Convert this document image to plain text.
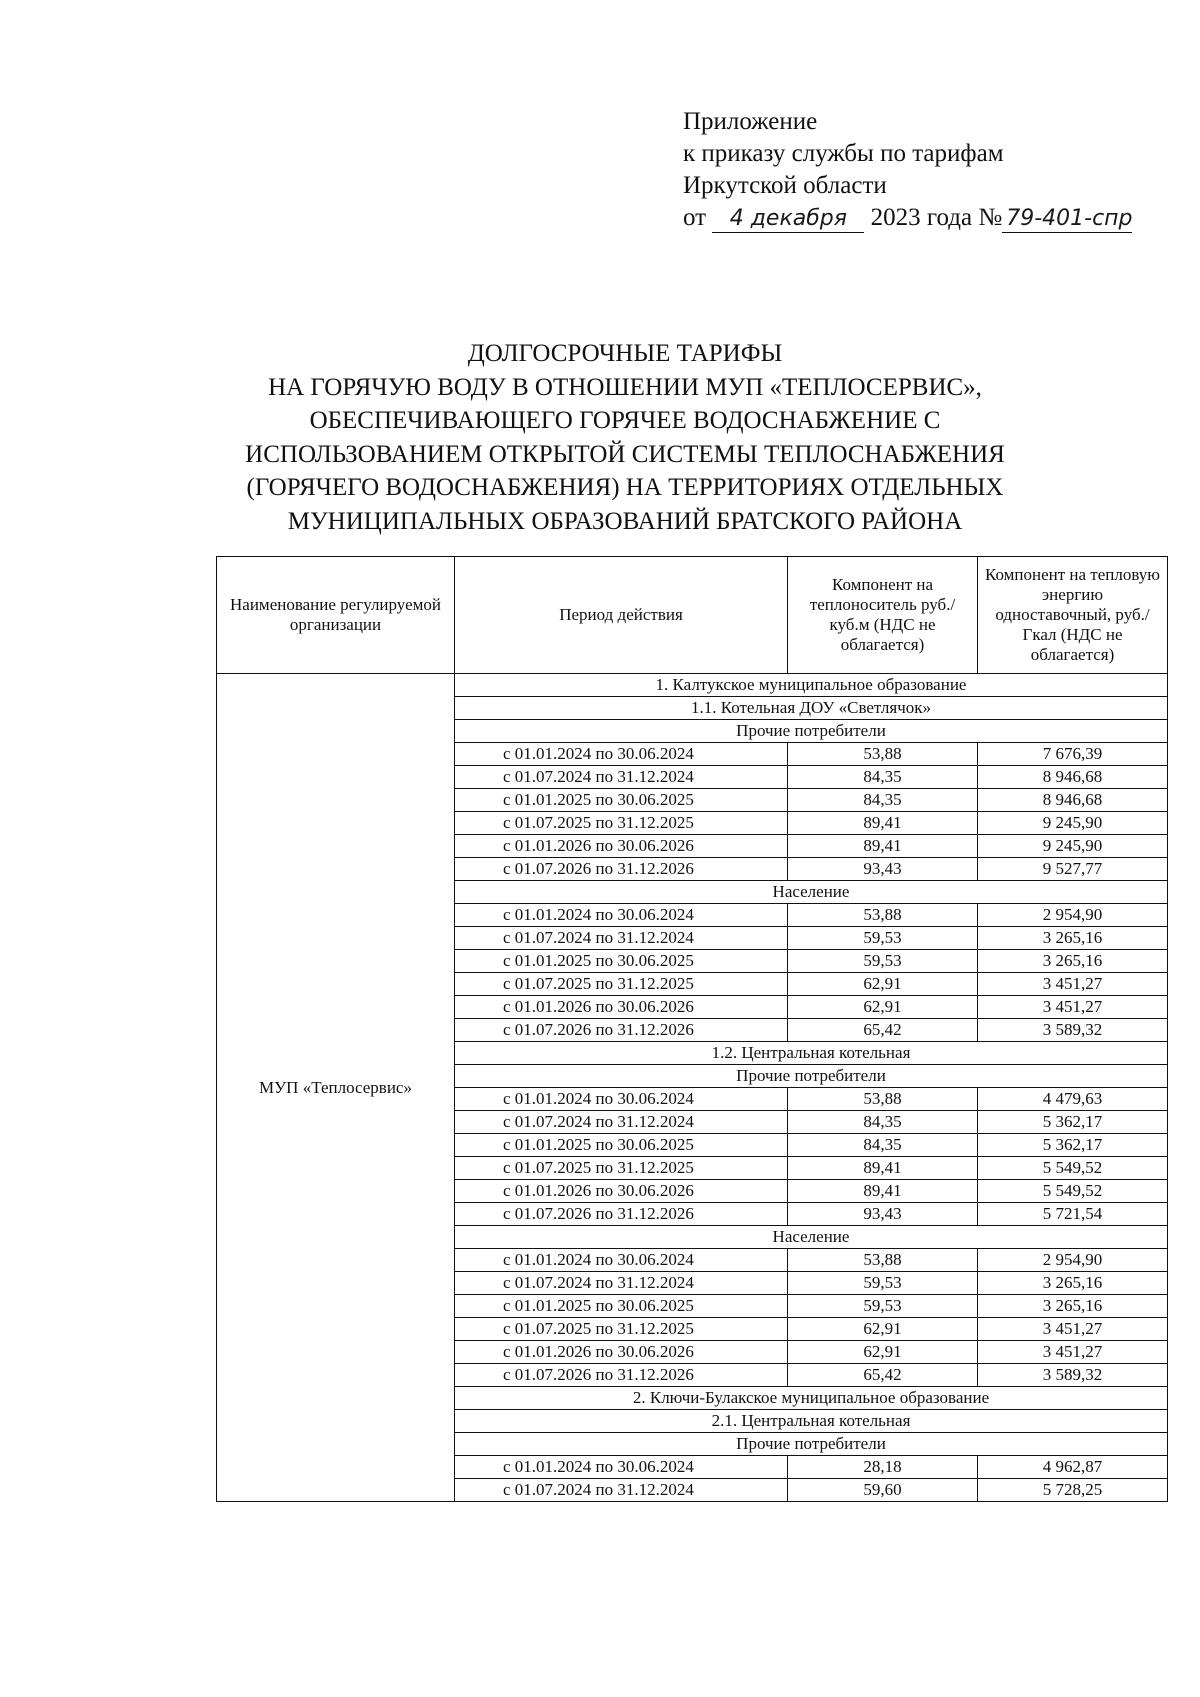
Приложение
к приказу службы по тарифам
Иркутской области
от 4 декабря 2023 года № 79-401-спр
ДОЛГОСРОЧНЫЕ ТАРИФЫ
НА ГОРЯЧУЮ ВОДУ В ОТНОШЕНИИ МУП «ТЕПЛОСЕРВИС»,
ОБЕСПЕЧИВАЮЩЕГО ГОРЯЧЕЕ ВОДОСНАБЖЕНИЕ С
ИСПОЛЬЗОВАНИЕМ ОТКРЫТОЙ СИСТЕМЫ ТЕПЛОСНАБЖЕНИЯ
(ГОРЯЧЕГО ВОДОСНАБЖЕНИЯ) НА ТЕРРИТОРИЯХ ОТДЕЛЬНЫХ
МУНИЦИПАЛЬНЫХ ОБРАЗОВАНИЙ БРАТСКОГО РАЙОНА
Наименование регулируемой организации	Период действия	Компонент на теплоноситель руб./куб.м (НДС не облагается)	Компонент на тепловую энергию одноставочный, руб./Гкал (НДС не облагается)
МУП «Теплосервис»	1. Калтукское муниципальное образование		
	1.1. Котельная ДОУ «Светлячок»		
	Прочие потребители		
	с 01.01.2024 по 30.06.2024	53,88	7 676,39
	с 01.07.2024 по 31.12.2024	84,35	8 946,68
	с 01.01.2025 по 30.06.2025	84,35	8 946,68
	с 01.07.2025 по 31.12.2025	89,41	9 245,90
	с 01.01.2026 по 30.06.2026	89,41	9 245,90
	с 01.07.2026 по 31.12.2026	93,43	9 527,77
	Население		
	с 01.01.2024 по 30.06.2024	53,88	2 954,90
	с 01.07.2024 по 31.12.2024	59,53	3 265,16
	с 01.01.2025 по 30.06.2025	59,53	3 265,16
	с 01.07.2025 по 31.12.2025	62,91	3 451,27
	с 01.01.2026 по 30.06.2026	62,91	3 451,27
	с 01.07.2026 по 31.12.2026	65,42	3 589,32
	1.2. Центральная котельная		
	Прочие потребители		
	с 01.01.2024 по 30.06.2024	53,88	4 479,63
	с 01.07.2024 по 31.12.2024	84,35	5 362,17
	с 01.01.2025 по 30.06.2025	84,35	5 362,17
	с 01.07.2025 по 31.12.2025	89,41	5 549,52
	с 01.01.2026 по 30.06.2026	89,41	5 549,52
	с 01.07.2026 по 31.12.2026	93,43	5 721,54
	Население		
	с 01.01.2024 по 30.06.2024	53,88	2 954,90
	с 01.07.2024 по 31.12.2024	59,53	3 265,16
	с 01.01.2025 по 30.06.2025	59,53	3 265,16
	с 01.07.2025 по 31.12.2025	62,91	3 451,27
	с 01.01.2026 по 30.06.2026	62,91	3 451,27
	с 01.07.2026 по 31.12.2026	65,42	3 589,32
	2. Ключи-Булакское муниципальное образование		
	2.1. Центральная котельная		
	Прочие потребители		
	с 01.01.2024 по 30.06.2024	28,18	4 962,87
	с 01.07.2024 по 31.12.2024	59,60	5 728,25
